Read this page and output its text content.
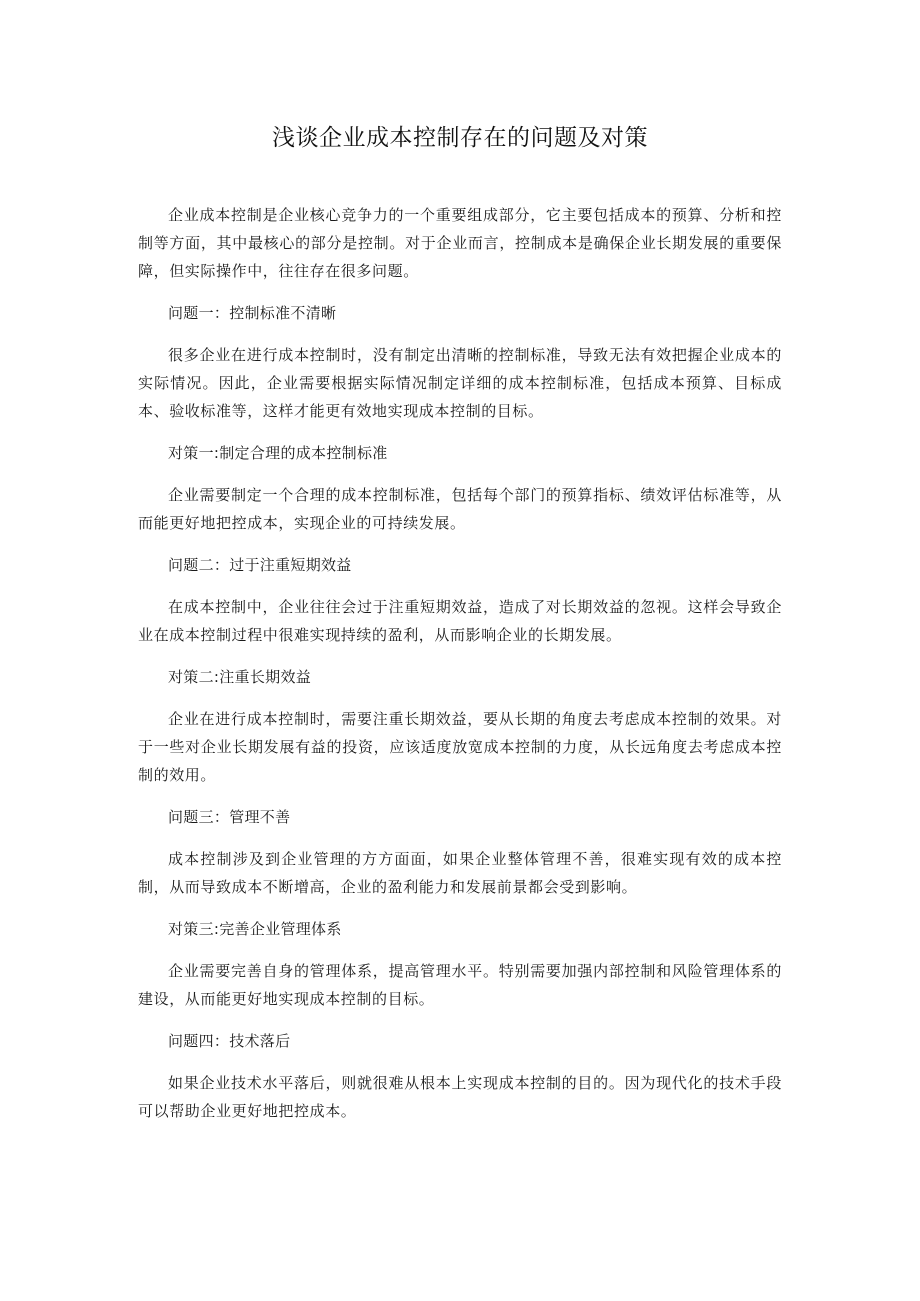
浅谈企业成本控制存在的问题及对策

企业成本控制是企业核心竞争力的一个重要组成部分，它主要包括成本的预算、分析和控制等方面，其中最核心的部分是控制。对于企业而言，控制成本是确保企业长期发展的重要保障，但实际操作中，往往存在很多问题。

问题一：控制标准不清晰

很多企业在进行成本控制时，没有制定出清晰的控制标准，导致无法有效把握企业成本的实际情况。因此，企业需要根据实际情况制定详细的成本控制标准，包括成本预算、目标成本、验收标准等，这样才能更有效地实现成本控制的目标。

对策一:制定合理的成本控制标准

企业需要制定一个合理的成本控制标准，包括每个部门的预算指标、绩效评估标准等，从而能更好地把控成本，实现企业的可持续发展。

问题二：过于注重短期效益

在成本控制中，企业往往会过于注重短期效益，造成了对长期效益的忽视。这样会导致企业在成本控制过程中很难实现持续的盈利，从而影响企业的长期发展。

对策二:注重长期效益

企业在进行成本控制时，需要注重长期效益，要从长期的角度去考虑成本控制的效果。对于一些对企业长期发展有益的投资，应该适度放宽成本控制的力度，从长远角度去考虑成本控制的效用。

问题三：管理不善

成本控制涉及到企业管理的方方面面，如果企业整体管理不善，很难实现有效的成本控制，从而导致成本不断增高，企业的盈利能力和发展前景都会受到影响。

对策三:完善企业管理体系

企业需要完善自身的管理体系，提高管理水平。特别需要加强内部控制和风险管理体系的建设，从而能更好地实现成本控制的目标。

问题四：技术落后

如果企业技术水平落后，则就很难从根本上实现成本控制的目的。因为现代化的技术手段可以帮助企业更好地把控成本。
